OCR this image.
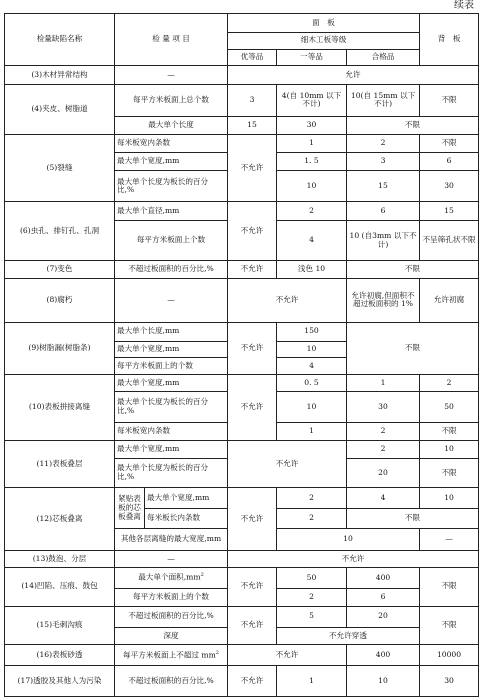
续表
检量缺陷名称	检 量 项 目		面　板			背　板
			细木工板等级			
			优等品	一等品	合格品	
(3)木材异常结构	—		允许			
(4)夹皮、树脂道	每平方米板面上总个数		3	4(自 10mm 以下不计)	10(自 15mm 以下不计)	不限
	最大单个长度		15	30	不限	
(5)裂缝	每米板宽内条数		不允许	1	2	不限
	最大单个宽度,mm			1. 5	3	6
	最大单个长度为板长的百分比,%			10	15	30
(6)虫孔、排钉孔、孔洞	最大单个直径,mm		不允许	2	6	15
	每平方米板面上个数			4	10 (自3mm 以下不计)	不呈筛孔状不限
(7)变色	不超过板面积的百分比,%		不允许	浅色 10	不限	
(8)腐朽	—		不允许		允许初腐,但面积不超过板面积的 1%	允许初腐
(9)树脂漏(树脂条)	最大单个长度,mm		不允许	150	不限	
	最大单个宽度,mm			10		
	每平方米板面上的个数			4		
(10)表板拼接离缝	最大单个宽度,mm		不允许	0. 5	1	2
	最大单个长度为板长的百分比,%			10	30	50
	每米板宽内条数			1	2	不限
(11)表板叠层	最大单个宽度,mm		不允许		2	10
	最大单个长度为板长的百分比,%				20	不限
(12)芯板叠离	紧贴表板的芯板叠离	最大单个宽度,mm	不允许	2	4	10
		每米板长内条数		2	不限	
	其他各层离缝的最大宽度,mm			10		—
(13)鼓泡、分层	—		不允许			
(14)凹陷、压痕、鼓包	最大单个面积$,mm^2$		不允许	50	400	不限
	每平方米板面上的个数			2	6	
(15)毛刺沟痕	不超过板面积的百分比,%		不允许	5	20	不限
	深度			不允许穿透		
(16)表板砂透	每平方米板面上不超过 $mm^2$		不允许		400	10000
(17)透胶及其他人为污染	不超过板面积的百分比,%		不允许	1	10	30
